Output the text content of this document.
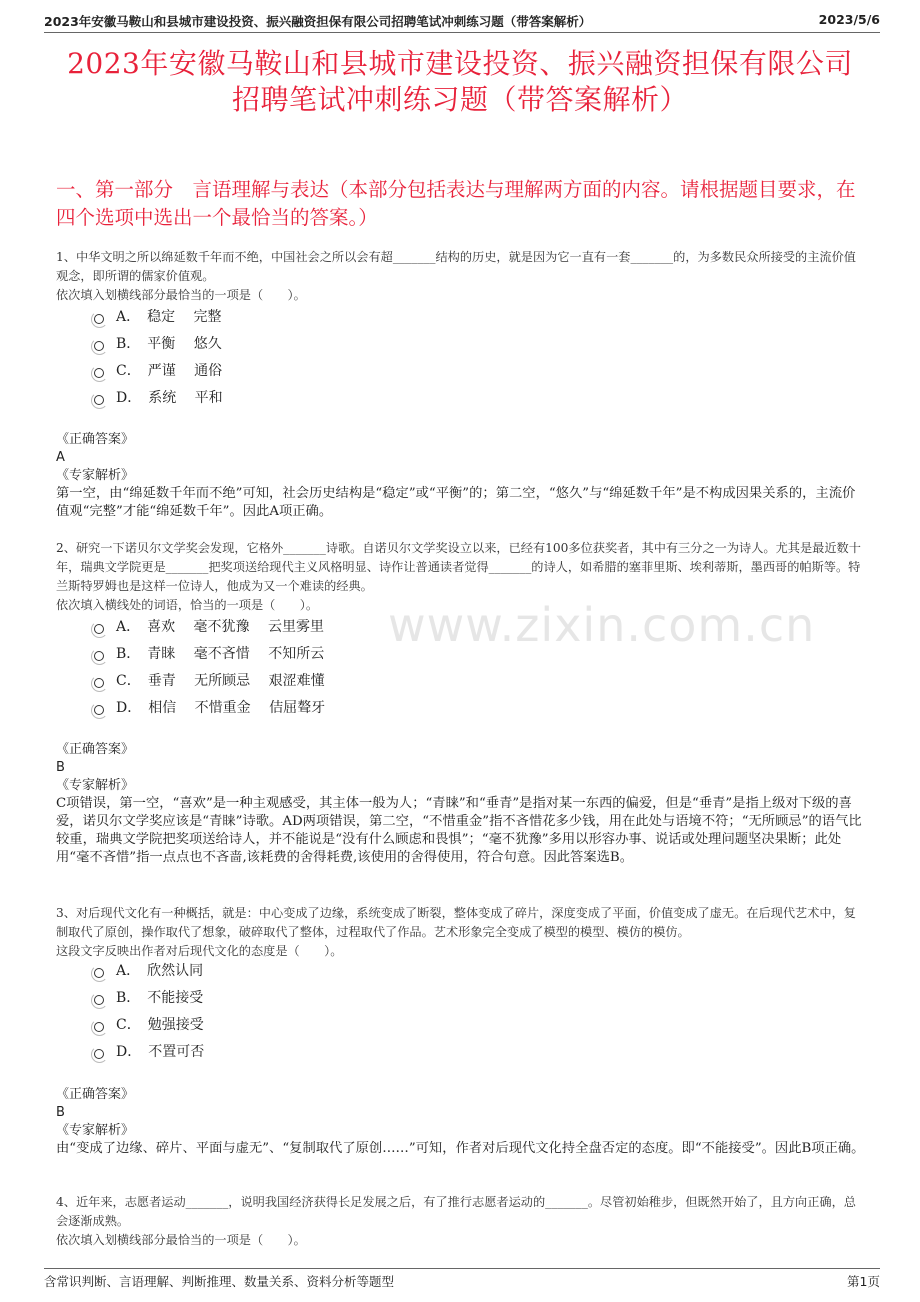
2023年安徽马鞍山和县城市建设投资、振兴融资担保有限公司招聘笔试冲刺练习题（带答案解析）	2023/5/6
2023年安徽马鞍山和县城市建设投资、振兴融资担保有限公司
招聘笔试冲刺练习题（带答案解析）
一、第一部分　言语理解与表达（本部分包括表达与理解两方面的内容。请根据题目要求，在四个选项中选出一个最恰当的答案。）
www.zixin.com.cn
1、中华文明之所以绵延数千年而不绝，中国社会之所以会有超_______结构的历史，就是因为它一直有一套_______的，为多数民众所接受的主流价值观念，即所谓的儒家价值观。
依次填入划横线部分最恰当的一项是（　　）。
A．　稳定　 完整
B．　平衡　 悠久
C．　严谨　 通俗
D．　系统　 平和
《正确答案》
A
《专家解析》
第一空，由“绵延数千年而不绝”可知，社会历史结构是“稳定”或“平衡”的；第二空，“悠久”与“绵延数千年”是不构成因果关系的，主流价值观“完整”才能“绵延数千年”。因此A项正确。
2、研究一下诺贝尔文学奖会发现，它格外_______诗歌。自诺贝尔文学奖设立以来，已经有100多位获奖者，其中有三分之一为诗人。尤其是最近数十年，瑞典文学院更是_______把奖项送给现代主义风格明显、诗作让普通读者觉得_______的诗人，如希腊的塞菲里斯、埃利蒂斯，墨西哥的帕斯等。特兰斯特罗姆也是这样一位诗人，他成为又一个难读的经典。
依次填入横线处的词语，恰当的一项是（　　）。
A．　喜欢　 毫不犹豫　 云里雾里
B．　青睐　 毫不吝惜　 不知所云
C．　垂青　 无所顾忌　 艰涩难懂
D．　相信　 不惜重金　 佶屈聱牙
《正确答案》
B
《专家解析》
C项错误，第一空，“喜欢”是一种主观感受，其主体一般为人；“青睐”和“垂青”是指对某一东西的偏爱，但是“垂青”是指上级对下级的喜爱，诺贝尔文学奖应该是“青睐”诗歌。AD两项错误，第二空，“不惜重金”指不吝惜花多少钱，用在此处与语境不符；“无所顾忌”的语气比较重，瑞典文学院把奖项送给诗人，并不能说是“没有什么顾虑和畏惧”；“毫不犹豫”多用以形容办事、说话或处理问题坚决果断；此处用“毫不吝惜”指一点点也不吝啬,该耗费的舍得耗费,该使用的舍得使用，符合句意。因此答案选B。
3、对后现代文化有一种概括，就是：中心变成了边缘，系统变成了断裂，整体变成了碎片，深度变成了平面，价值变成了虚无。在后现代艺术中，复制取代了原创，操作取代了想象，破碎取代了整体，过程取代了作品。艺术形象完全变成了模型的模型、模仿的模仿。
这段文字反映出作者对后现代文化的态度是（　　）。
A．　欣然认同
B．　不能接受
C．　勉强接受
D．　不置可否
《正确答案》
B
《专家解析》
由“变成了边缘、碎片、平面与虚无”、“复制取代了原创……”可知，作者对后现代文化持全盘否定的态度。即“不能接受”。因此B项正确。
4、近年来，志愿者运动_______，说明我国经济获得长足发展之后，有了推行志愿者运动的_______。尽管初始稚步，但既然开始了，且方向正确，总会逐渐成熟。
依次填入划横线部分最恰当的一项是（　　）。
含常识判断、言语理解、判断推理、数量关系、资料分析等题型	第1页
